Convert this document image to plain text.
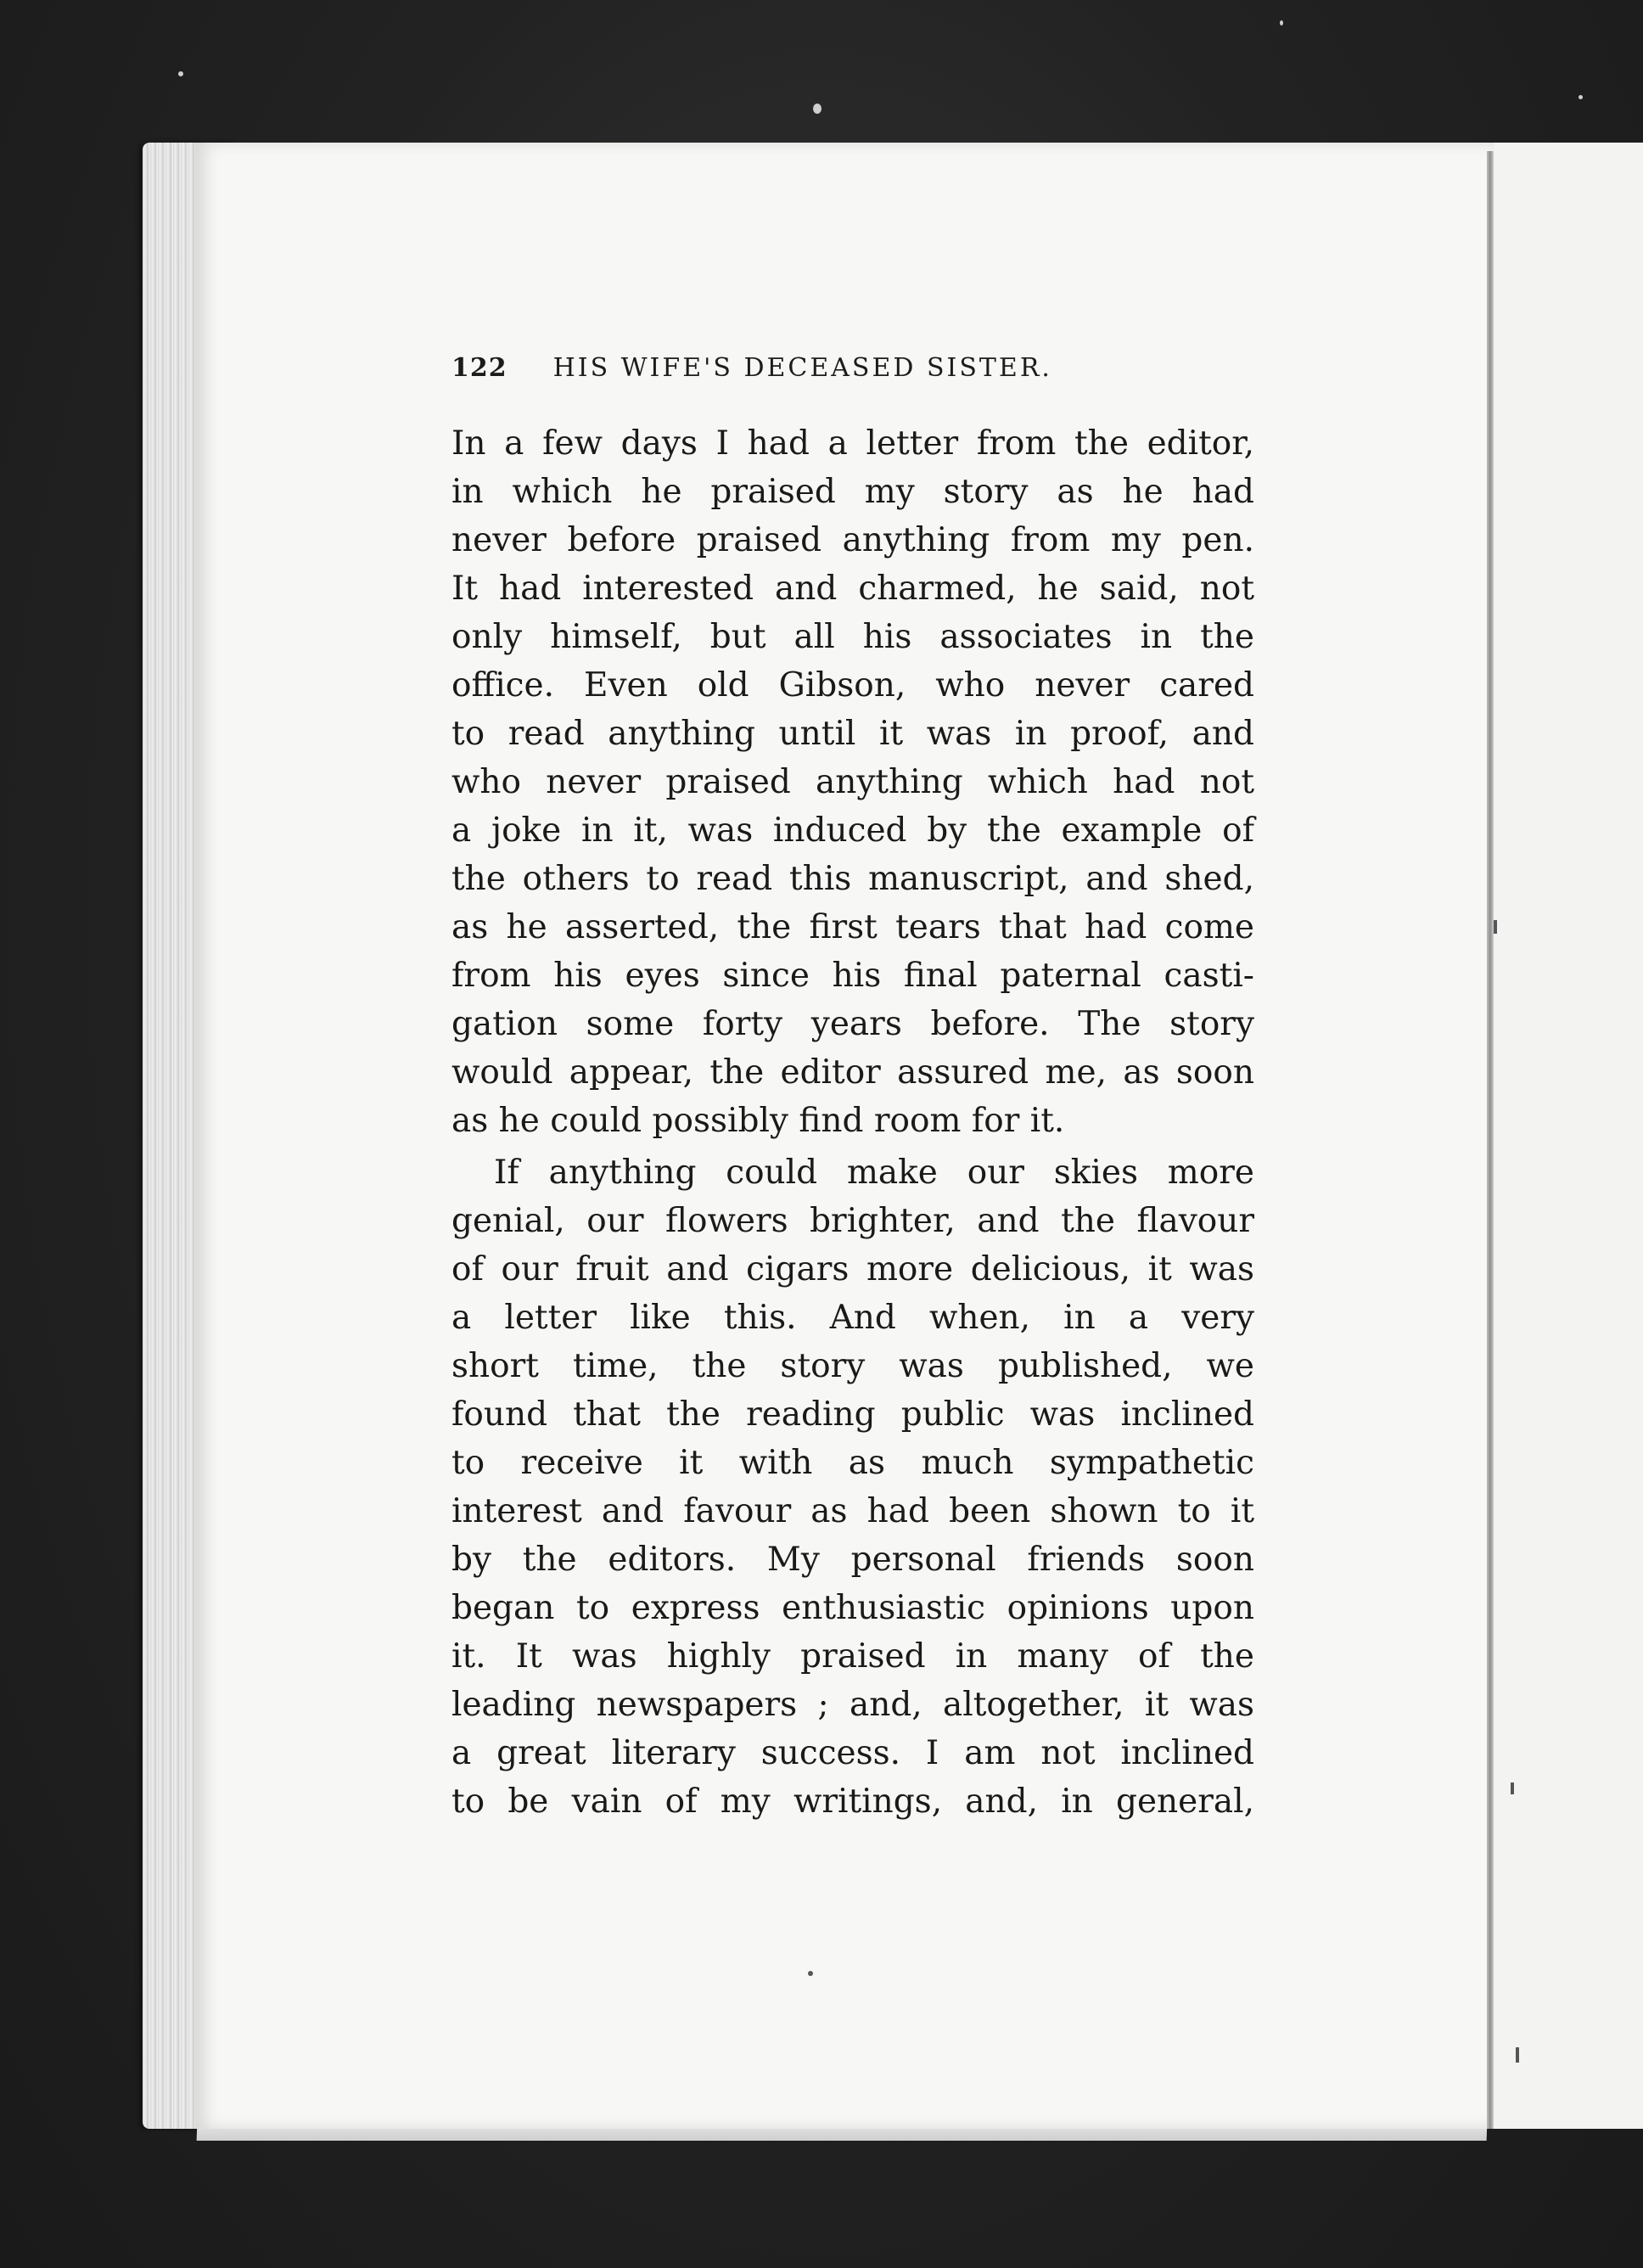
122 HIS WIFE'S DECEASED SISTER.
In a few days I had a letter from the editor,
in which he praised my story as he had
never before praised anything from my pen.
It had interested and charmed, he said, not
only himself, but all his associates in the
office. Even old Gibson, who never cared
to read anything until it was in proof, and
who never praised anything which had not
a joke in it, was induced by the example of
the others to read this manuscript, and shed,
as he asserted, the first tears that had come
from his eyes since his final paternal casti-
gation some forty years before. The story
would appear, the editor assured me, as soon
as he could possibly find room for it.
If anything could make our skies more
genial, our flowers brighter, and the flavour
of our fruit and cigars more delicious, it was
a letter like this. And when, in a very
short time, the story was published, we
found that the reading public was inclined
to receive it with as much sympathetic
interest and favour as had been shown to it
by the editors. My personal friends soon
began to express enthusiastic opinions upon
it. It was highly praised in many of the
leading newspapers ; and, altogether, it was
a great literary success. I am not inclined
to be vain of my writings, and, in general,
